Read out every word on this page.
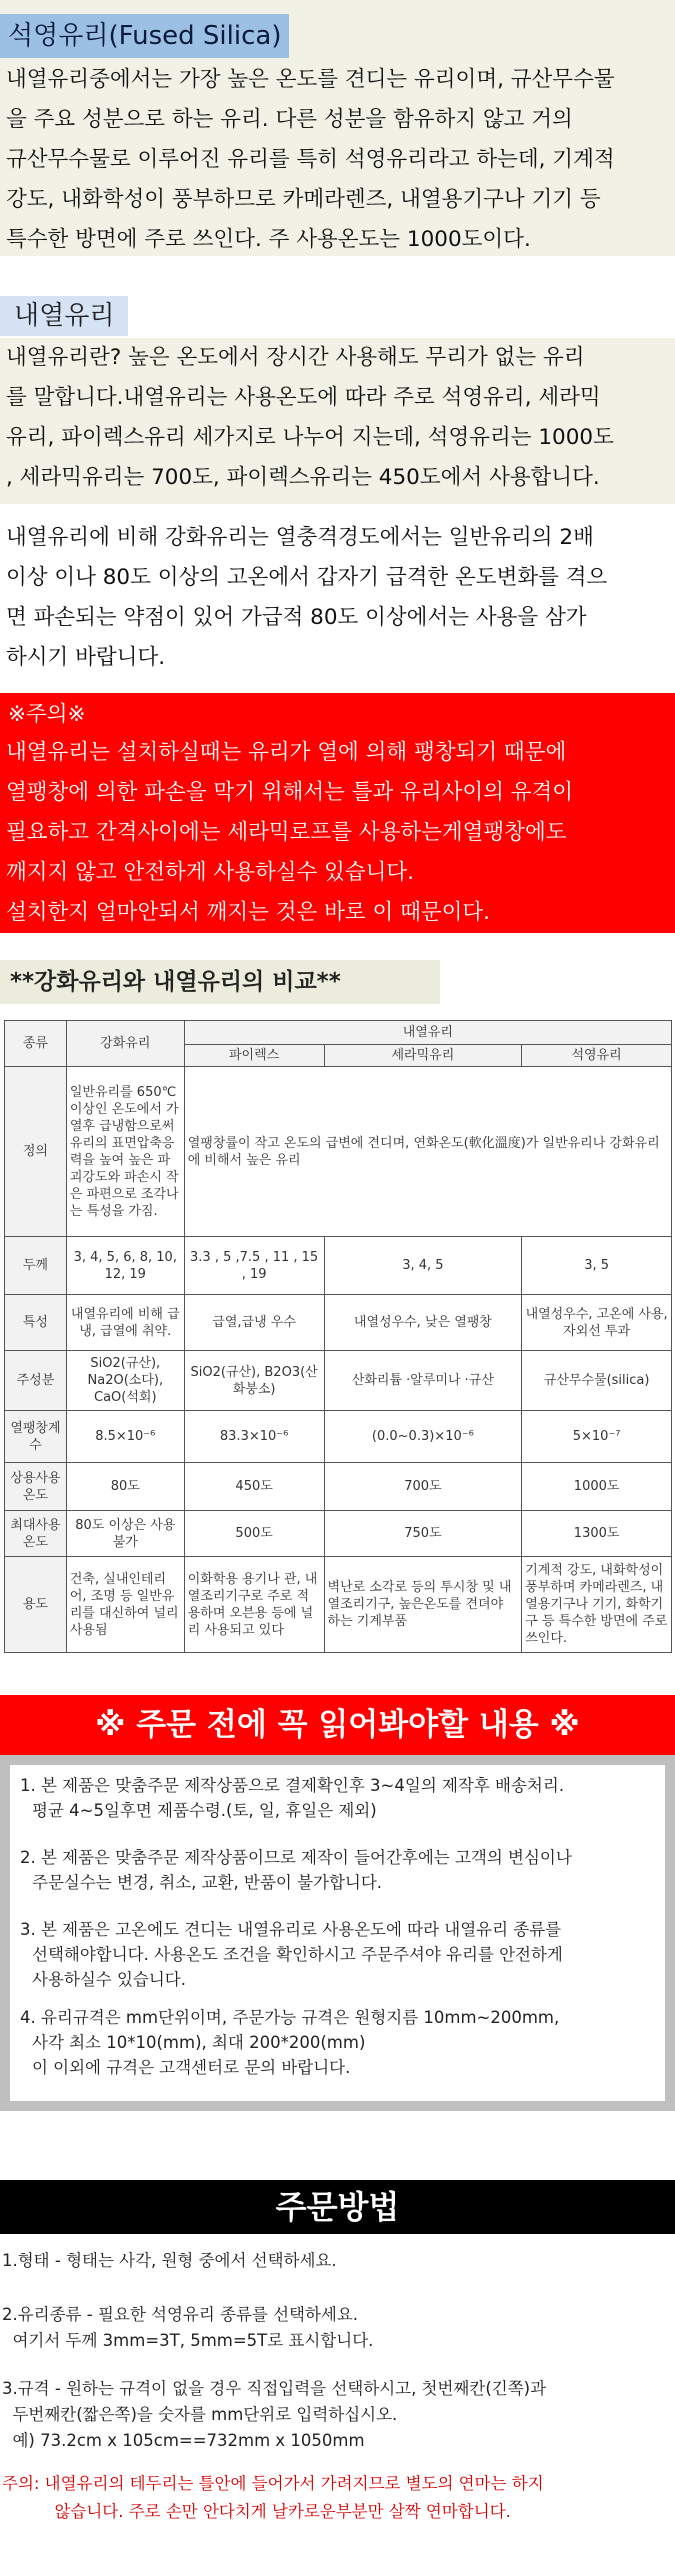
석영유리(Fused Silica)
내열유리중에서는 가장 높은 온도를 견디는 유리이며, 규산무수물
을 주요 성분으로 하는 유리. 다른 성분을 함유하지 않고 거의
규산무수물로 이루어진 유리를 특히 석영유리라고 하는데, 기계적
강도, 내화학성이 풍부하므로 카메라렌즈, 내열용기구나 기기 등
특수한 방면에 주로 쓰인다. 주 사용온도는 1000도이다.
내열유리
내열유리란? 높은 온도에서 장시간 사용해도 무리가 없는 유리
를 말합니다.내열유리는 사용온도에 따라 주로 석영유리, 세라믹
유리, 파이렉스유리 세가지로 나누어 지는데, 석영유리는 1000도
, 세라믹유리는 700도, 파이렉스유리는 450도에서 사용합니다.
내열유리에 비해 강화유리는 열충격경도에서는 일반유리의 2배
이상 이나 80도 이상의 고온에서 갑자기 급격한 온도변화를 격으
면 파손되는 약점이 있어 가급적 80도 이상에서는 사용을 삼가
하시기 바랍니다.
※주의※
내열유리는 설치하실때는 유리가 열에 의해 팽창되기 때문에
열팽창에 의한 파손을 막기 위해서는 틀과 유리사이의 유격이
필요하고 간격사이에는 세라믹로프를 사용하는게열팽창에도
깨지지 않고 안전하게 사용하실수 있습니다.
설치한지 얼마안되서 깨지는 것은 바로 이 때문이다.
**강화유리와 내열유리의 비교**
종류	강화유리	내열유리		
		파이렉스	세라믹유리	석영유리
정의	일반유리를 650℃이상인 온도에서 가열후 급냉함으로써 유리의 표면압축응력을 높여 높은 파괴강도와 파손시 작은 파편으로 조각나는 특성을 가짐.	열팽창률이 작고 온도의 급변에 견디며, 연화온도(軟化溫度)가 일반유리나 강화유리에 비해서 높은 유리		
두께	3, 4, 5, 6, 8, 10, 12, 19	3.3 , 5 ,7.5 , 11 , 15 , 19	3, 4, 5	3, 5
특성	내열유리에 비해 급냉, 급열에 취약.	급열,급냉 우수	내열성우수, 낮은 열팽창	내열성우수, 고온에 사용, 자외선 투과
주성분	SiO2(규산), Na2O(소다), CaO(석회)	SiO2(규산), B2O3(산화붕소)	산화리튬 ·알루미나 ·규산	규산무수물(silica)
열팽창계수	8.5×10⁻⁶	83.3×10⁻⁶	(0.0~0.3)×10⁻⁶	5×10⁻⁷
상용사용온도	80도	450도	700도	1000도
최대사용온도	80도 이상은 사용불가	500도	750도	1300도
용도	건축, 실내인테리어, 조명 등 일반유리를 대신하여 널리 사용됨	이화학용 용기나 관, 내열조리기구로 주로 적용하며 오븐용 등에 널리 사용되고 있다	벽난로 소각로 등의 투시창 및 내열조리기구, 높은온도를 견뎌야 하는 기계부품	기계적 강도, 내화학성이 풍부하며 카메라렌즈, 내열용기구나 기기, 화학기구 등 특수한 방면에 주로 쓰인다.
※ 주문 전에 꼭 읽어봐야할 내용 ※
1. 본 제품은 맞춤주문 제작상품으로 결제확인후 3~4일의 제작후 배송처리.
평균 4~5일후면 제품수령.(토, 일, 휴일은 제외)
2. 본 제품은 맞춤주문 제작상품이므로 제작이 들어간후에는 고객의 변심이나
주문실수는 변경, 취소, 교환, 반품이 불가합니다.
3. 본 제품은 고온에도 견디는 내열유리로 사용온도에 따라 내열유리 종류를
선택해야합니다. 사용온도 조건을 확인하시고 주문주셔야 유리를 안전하게
사용하실수 있습니다.
4. 유리규격은 mm단위이며, 주문가능 규격은 원형지름 10mm~200mm,
사각 최소 10*10(mm), 최대 200*200(mm)
이 이외에 규격은 고객센터로 문의 바랍니다.
주문방법
1.형태 - 형태는 사각, 원형 중에서 선택하세요.
2.유리종류 - 필요한 석영유리 종류를 선택하세요.
여기서 두께 3mm=3T, 5mm=5T로 표시합니다.
3.규격 - 원하는 규격이 없을 경우 직접입력을 선택하시고, 첫번째칸(긴쪽)과
두번째칸(짧은쪽)을 숫자를 mm단위로 입력하십시오.
예) 73.2cm x 105cm==732mm x 1050mm
주의: 내열유리의 테두리는 틀안에 들어가서 가려지므로 별도의 연마는 하지
않습니다. 주로 손만 안다치게 날카로운부분만 살짝 연마합니다.
